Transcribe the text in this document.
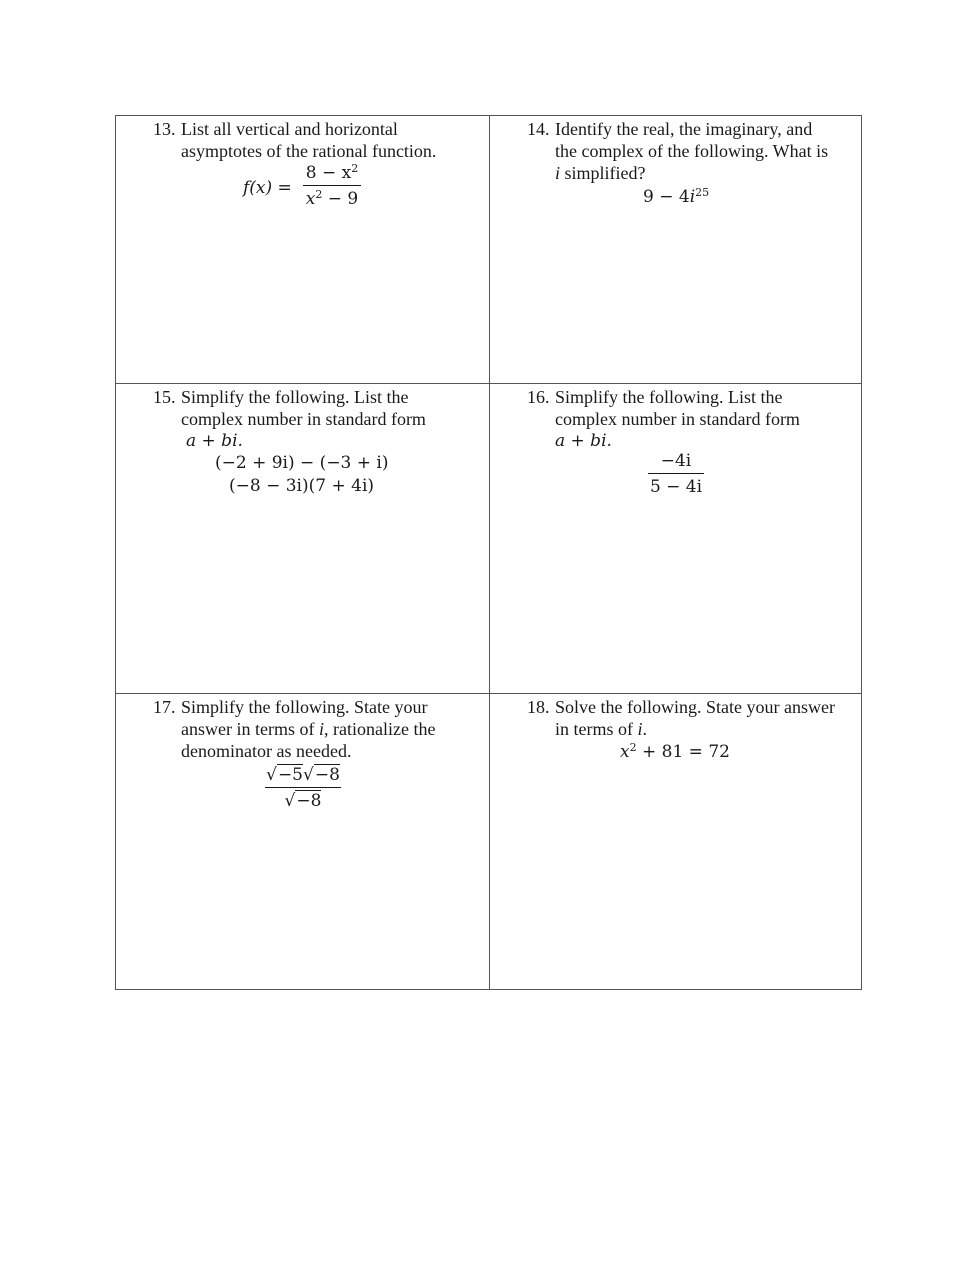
13. List all vertical and horizontal
asymptotes of the rational function.
f(x) =
$8 - x^2$
$x^2 - 9$
14. Identify the real, the imaginary, and
the complex of the following. What is
i simplified?
$9 - 4i^{25}$
15. Simplify the following. List the
complex number in standard form
a + bi.
(−2 + 9i) − (−3 + i)
(−8 − 3i)(7 + 4i)
16. Simplify the following. List the
complex number in standard form
a + bi.
−4i
5 − 4i
17. Simplify the following. State your
answer in terms of i, rationalize the
denominator as needed.
√−5√−8
√−8
18. Solve the following. State your answer
in terms of i.
$x^2 + 81 = 72$
